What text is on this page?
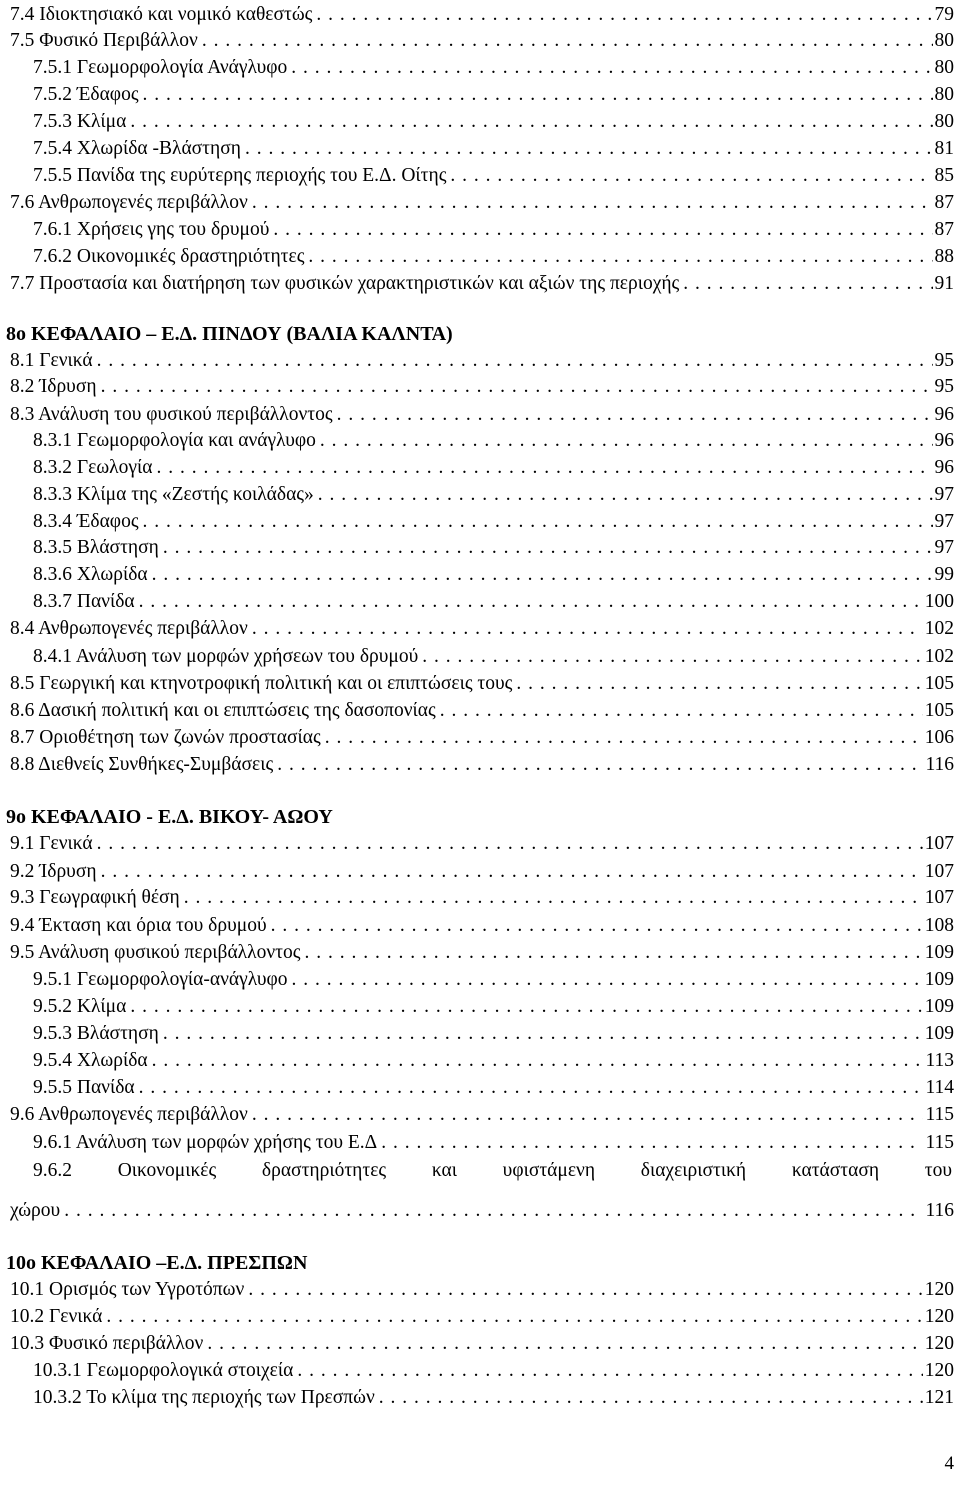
7.4 Ιδιοκτησιακό και νομικό καθεστώς	79
. . .
7.5 Φυσικό Περιβάλλον	80
. . .
7.5.1 Γεωμορφολογία Ανάγλυφο	80
. . .
7.5.2 Έδαφος	80
. . .
7.5.3 Κλίμα	80
. . .
7.5.4 Χλωρίδα -Βλάστηση	81
. . .
7.5.5 Πανίδα της ευρύτερης περιοχής του Ε.Δ. Οίτης	85
. . .
7.6 Ανθρωπογενές περιβάλλον	87
. . .
7.6.1 Χρήσεις γης του δρυμού	87
. . .
7.6.2 Οικονομικές δραστηριότητες	88
. . .
7.7 Προστασία και διατήρηση των φυσικών χαρακτηριστικών και αξιών της περιοχής	91
. . .
8ο ΚΕΦΑΛΑΙΟ – Ε.Δ. ΠΙΝΔΟΥ (ΒΑΛΙΑ ΚΑΛΝΤΑ)
8.1 Γενικά	95
. . .
8.2 Ίδρυση	95
. . .
8.3 Ανάλυση του φυσικού περιβάλλοντος	96
. . .
8.3.1 Γεωμορφολογία και ανάγλυφο	96
. . .
8.3.2 Γεωλογία	96
. . .
8.3.3 Κλίμα της «Ζεστής κοιλάδας»	97
. . .
8.3.4 Έδαφος	97
. . .
8.3.5 Βλάστηση	97
. . .
8.3.6 Χλωρίδα	99
. . .
8.3.7 Πανίδα	100
. . .
8.4 Ανθρωπογενές περιβάλλον	102
. . .
8.4.1 Ανάλυση των μορφών χρήσεων του δρυμού	102
. . .
8.5 Γεωργική και κτηνοτροφική πολιτική και οι επιπτώσεις τους	105
. . .
8.6 Δασική πολιτική και οι επιπτώσεις της δασοπονίας	105
. . .
8.7 Οριοθέτηση των ζωνών προστασίας	106
. . .
8.8 Διεθνείς Συνθήκες-Συμβάσεις	116
. . .
9ο ΚΕΦΑΛΑΙΟ - Ε.Δ. ΒΙΚΟΥ- ΑΩΟΥ
9.1 Γενικά	107
. . .
9.2 Ίδρυση	107
. . .
9.3 Γεωγραφική θέση	107
. . .
9.4 Έκταση και όρια του δρυμού	108
. . .
9.5 Ανάλυση φυσικού περιβάλλοντος	109
. . .
9.5.1 Γεωμορφολογία-ανάγλυφο	109
. . .
9.5.2 Κλίμα	109
. . .
9.5.3 Βλάστηση	109
. . .
9.5.4 Χλωρίδα	113
. . .
9.5.5 Πανίδα	114
. . .
9.6 Ανθρωπογενές περιβάλλον	115
. . .
9.6.1 Ανάλυση των μορφών χρήσης του Ε.Δ	115
. . .
9.6.2 Οικονομικές δραστηριότητες και υφιστάμενη διαχειριστική κατάσταση του
χώρου	116
. . .
10ο ΚΕΦΑΛΑΙΟ –Ε.Δ. ΠΡΕΣΠΩΝ
10.1 Ορισμός των Υγροτόπων	120
. . .
10.2 Γενικά	120
. . .
10.3 Φυσικό περιβάλλον	120
. . .
10.3.1 Γεωμορφολογικά στοιχεία	120
. . .
10.3.2 Το κλίμα της περιοχής των Πρεσπών	121
. . .
4
